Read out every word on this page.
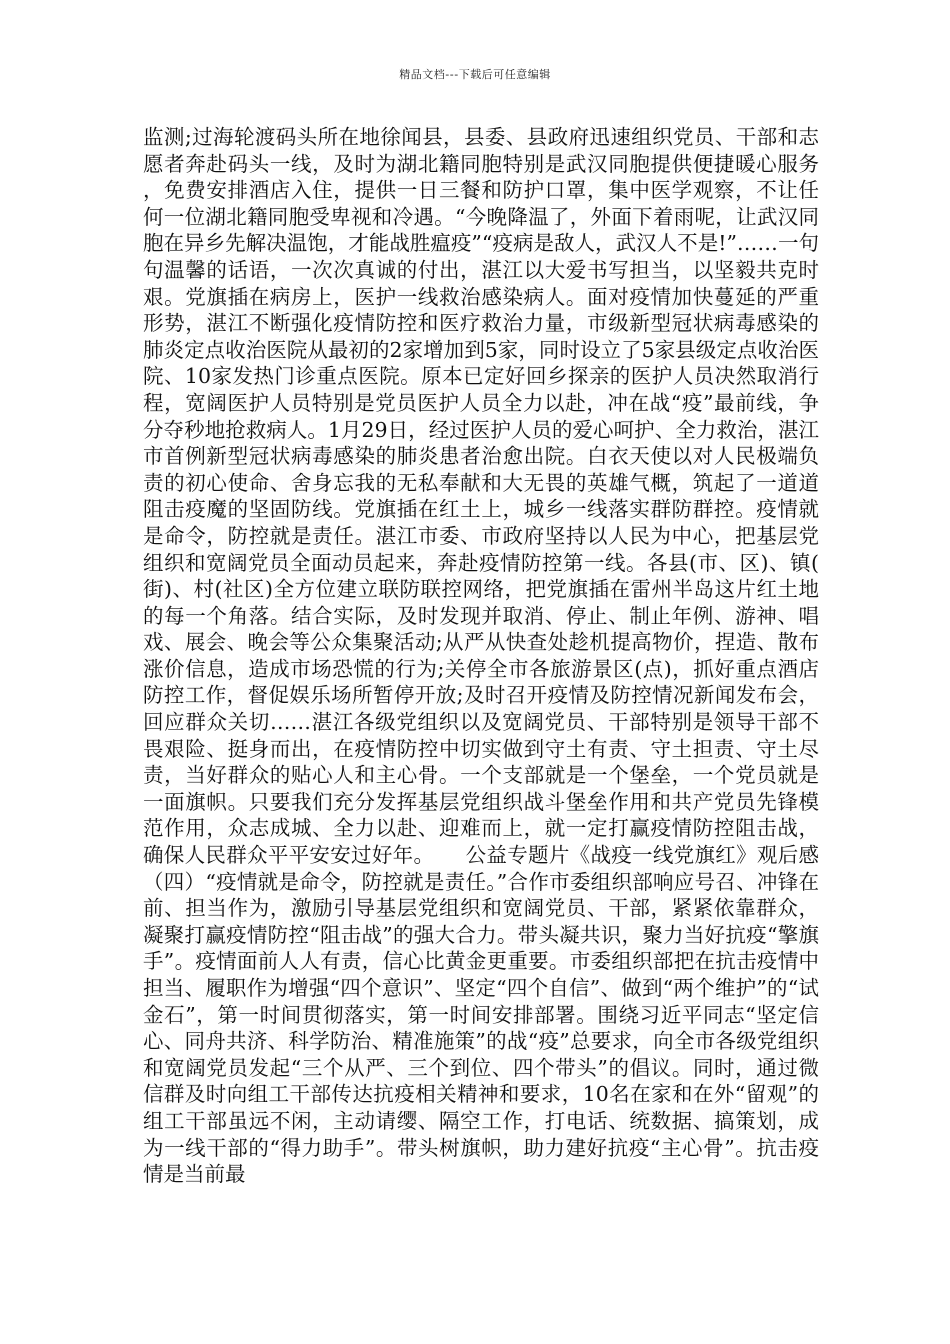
精品文档---下载后可任意编辑

监测;过海轮渡码头所在地徐闻县，县委、县政府迅速组织党员、干部和志愿者奔赴码头一线，及时为湖北籍同胞特别是武汉同胞提供便捷暖心服务，免费安排酒店入住，提供一日三餐和防护口罩，集中医学观察，不让任何一位湖北籍同胞受卑视和冷遇。“今晚降温了，外面下着雨呢，让武汉同胞在异乡先解决温饱，才能战胜瘟疫”“疫病是敌人，武汉人不是!”……一句句温馨的话语，一次次真诚的付出，湛江以大爱书写担当，以坚毅共克时艰。党旗插在病房上，医护一线救治感染病人。面对疫情加快蔓延的严重形势，湛江不断强化疫情防控和医疗救治力量，市级新型冠状病毒感染的肺炎定点收治医院从最初的2家增加到5家，同时设立了5家县级定点收治医院、10家发热门诊重点医院。原本已定好回乡探亲的医护人员决然取消行程，宽阔医护人员特别是党员医护人员全力以赴，冲在战“疫”最前线，争分夺秒地抢救病人。1月29日，经过医护人员的爱心呵护、全力救治，湛江市首例新型冠状病毒感染的肺炎患者治愈出院。白衣天使以对人民极端负责的初心使命、舍身忘我的无私奉献和大无畏的英雄气概，筑起了一道道阻击疫魔的坚固防线。党旗插在红土上，城乡一线落实群防群控。疫情就是命令，防控就是责任。湛江市委、市政府坚持以人民为中心，把基层党组织和宽阔党员全面动员起来，奔赴疫情防控第一线。各县(市、区)、镇(街)、村(社区)全方位建立联防联控网络，把党旗插在雷州半岛这片红土地的每一个角落。结合实际，及时发现并取消、停止、制止年例、游神、唱戏、展会、晚会等公众集聚活动;从严从快查处趁机提高物价，捏造、散布涨价信息，造成市场恐慌的行为;关停全市各旅游景区(点)，抓好重点酒店防控工作，督促娱乐场所暂停开放;及时召开疫情及防控情况新闻发布会，回应群众关切……湛江各级党组织以及宽阔党员、干部特别是领导干部不畏艰险、挺身而出，在疫情防控中切实做到守土有责、守土担责、守土尽责，当好群众的贴心人和主心骨。一个支部就是一个堡垒，一个党员就是一面旗帜。只要我们充分发挥基层党组织战斗堡垒作用和共产党员先锋模范作用，众志成城、全力以赴、迎难而上，就一定打赢疫情防控阻击战，确保人民群众平平安安过好年。　　公益专题片《战疫一线党旗红》观后感（四）“疫情就是命令，防控就是责任。”合作市委组织部响应号召、冲锋在前、担当作为，激励引导基层党组织和宽阔党员、干部，紧紧依靠群众，凝聚打赢疫情防控“阻击战”的强大合力。带头凝共识，聚力当好抗疫“擎旗手”。疫情面前人人有责，信心比黄金更重要。市委组织部把在抗击疫情中担当、履职作为增强“四个意识”、坚定“四个自信”、做到“两个维护”的“试金石”，第一时间贯彻落实，第一时间安排部署。围绕习近平同志“坚定信心、同舟共济、科学防治、精准施策”的战“疫”总要求，向全市各级党组织和宽阔党员发起“三个从严、三个到位、四个带头”的倡议。同时，通过微信群及时向组工干部传达抗疫相关精神和要求，10名在家和在外“留观”的组工干部虽远不闲，主动请缨、隔空工作，打电话、统数据、搞策划，成为一线干部的“得力助手”。带头树旗帜，助力建好抗疫“主心骨”。抗击疫情是当前最
